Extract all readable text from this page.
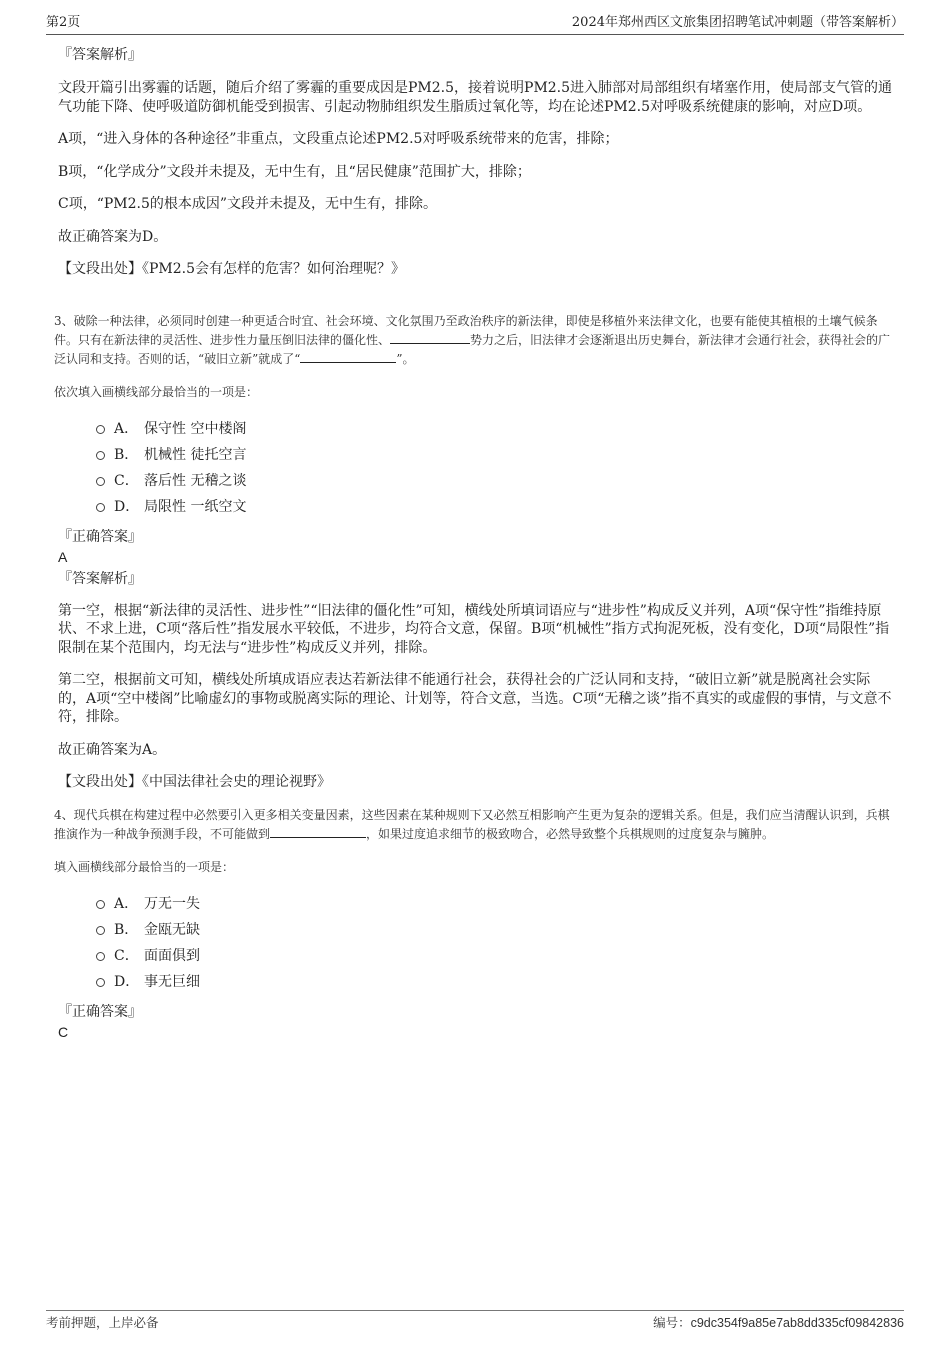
第2页	2024年郑州西区文旅集团招聘笔试冲刺题（带答案解析）
『答案解析』

文段开篇引出雾霾的话题，随后介绍了雾霾的重要成因是PM2.5，接着说明PM2.5进入肺部对局部组织有堵塞作用，使局部支气管的通气功能下降、使呼吸道防御机能受到损害、引起动物肺组织发生脂质过氧化等，均在论述PM2.5对呼吸系统健康的影响，对应D项。

A项，“进入身体的各种途径”非重点，文段重点论述PM2.5对呼吸系统带来的危害，排除；

B项，“化学成分”文段并未提及，无中生有，且“居民健康”范围扩大，排除；

C项，“PM2.5的根本成因”文段并未提及，无中生有，排除。

故正确答案为D。

【文段出处】《PM2.5会有怎样的危害？如何治理呢？》

3、破除一种法律，必须同时创建一种更适合时宜、社会环境、文化氛围乃至政治秩序的新法律，即使是移植外来法律文化，也要有能使其植根的土壤气候条件。只有在新法律的灵活性、进步性力量压倒旧法律的僵化性、	势力之后，旧法律才会逐渐退出历史舞台，新法律才会通行社会，获得社会的广泛认同和支持。否则的话，“破旧立新”就成了“	”。

依次填入画横线部分最恰当的一项是：

A． 保守性 空中楼阁
B． 机械性 徒托空言
C． 落后性 无稽之谈
D． 局限性 一纸空文
『正确答案』
A
『答案解析』

第一空，根据“新法律的灵活性、进步性”“旧法律的僵化性”可知，横线处所填词语应与“进步性”构成反义并列，A项“保守性”指维持原状、不求上进，C项“落后性”指发展水平较低，不进步，均符合文意，保留。B项“机械性”指方式拘泥死板，没有变化，D项“局限性”指限制在某个范围内，均无法与“进步性”构成反义并列，排除。

第二空，根据前文可知，横线处所填成语应表达若新法律不能通行社会，获得社会的广泛认同和支持，“破旧立新”就是脱离社会实际的，A项“空中楼阁”比喻虚幻的事物或脱离实际的理论、计划等，符合文意，当选。C项“无稽之谈”指不真实的或虚假的事情，与文意不符，排除。

故正确答案为A。

【文段出处】《中国法律社会史的理论视野》

4、现代兵棋在构建过程中必然要引入更多相关变量因素，这些因素在某种规则下又必然互相影响产生更为复杂的逻辑关系。但是，我们应当清醒认识到，兵棋推演作为一种战争预测手段，不可能做到	，如果过度追求细节的极致吻合，必然导致整个兵棋规则的过度复杂与臃肿。

填入画横线部分最恰当的一项是：

A． 万无一失
B． 金瓯无缺
C． 面面俱到
D． 事无巨细
『正确答案』
C
考前押题，上岸必备	编号：c9dc354f9a85e7ab8dd335cf09842836
